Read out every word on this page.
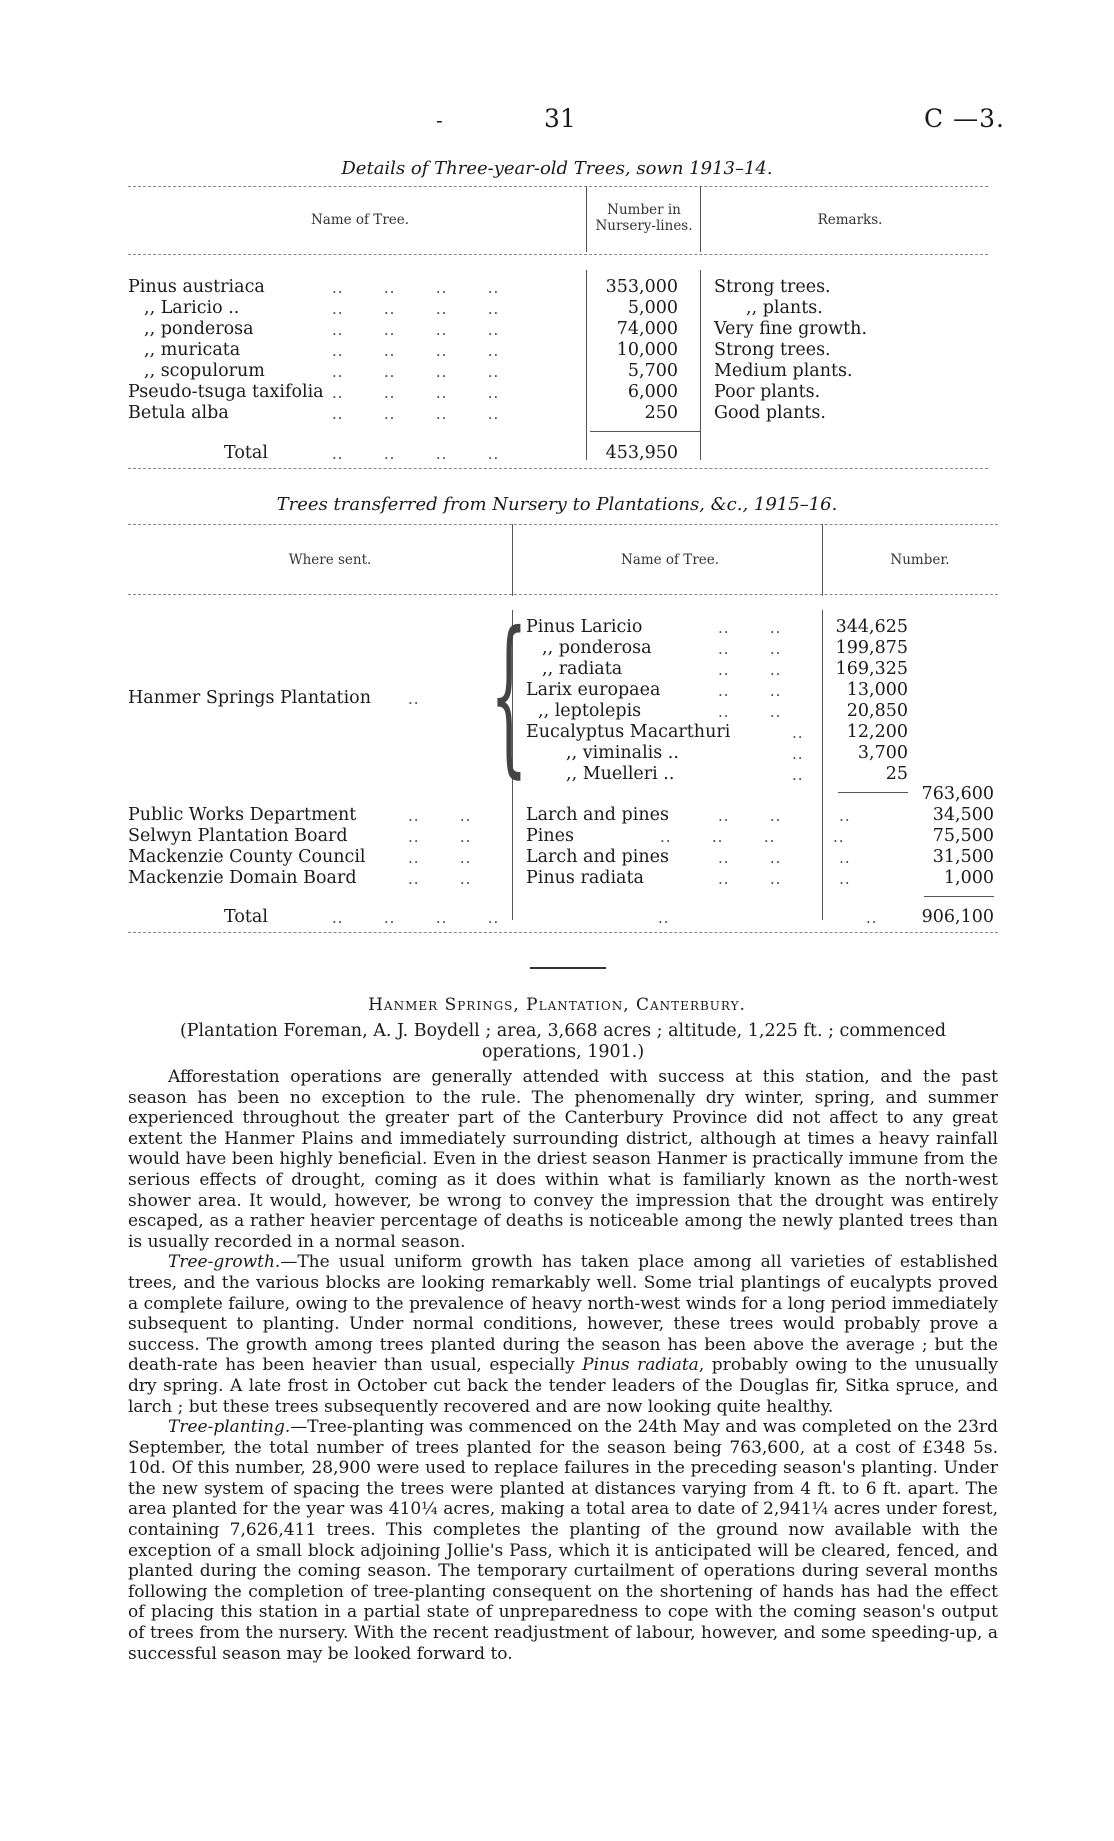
-	31	C —3.
Details of Three-year-old Trees, sown 1913–14.
Name of Tree.
Number in Nursery-lines.	Remarks.
Pinus austriaca	..       ..       ..       ..	353,000 Strong trees.
,, Laricio ..	..       ..       ..       ..	5,000	,, plants.
,, ponderosa	..       ..       ..       ..	74,000 Very fine growth.
,, muricata	..       ..       ..       ..	10,000 Strong trees.
,, scopulorum	..       ..       ..       ..	5,700 Medium plants.
Pseudo-tsuga taxifolia ..       ..       ..       ..	6,000 Poor plants.
Betula alba	..       ..       ..       ..	250 Good plants.
Total	..       ..       ..       ..	453,950
Trees transferred from Nursery to Plantations, &c., 1915–16.
Where sent.	Name of Tree.	Number.
Hanmer Springs Plantation .. {
Pinus Laricio	..       ..	344,625
,, ponderosa	..       ..	199,875
,, radiata	..       ..	169,325
Larix europaea	..       ..	13,000
,, leptolepis	..       ..	20,850
Eucalyptus Macarthuri	..	12,200
,, viminalis ..	..	3,700
,, Muelleri ..	..	25
763,600
Public Works Department	..       ..	Larch and pines	..       ..          ..	34,500
Selwyn Plantation Board	..       ..	Pines	..       ..       ..          ..	75,500
Mackenzie County Council	..       ..	Larch and pines	..       ..          ..	31,500
Mackenzie Domain Board	..       ..	Pinus radiata	..       ..          ..	1,000
Total	..       ..       ..       ..	..	..	906,100
Hanmer Springs, Plantation, Canterbury.
(Plantation Foreman, A. J. Boydell ; area, 3,668 acres ; altitude, 1,225 ft. ; commenced operations, 1901.)

Afforestation operations are generally attended with success at this station, and the past season has been no exception to the rule. The phenomenally dry winter, spring, and summer experienced throughout the greater part of the Canterbury Province did not affect to any great extent the Hanmer Plains and immediately surrounding district, although at times a heavy rainfall would have been highly beneficial. Even in the driest season Hanmer is practically immune from the serious effects of drought, coming as it does within what is familiarly known as the north-west shower area. It would, however, be wrong to convey the impression that the drought was entirely escaped, as a rather heavier percentage of deaths is noticeable among the newly planted trees than is usually recorded in a normal season.

Tree-growth.—The usual uniform growth has taken place among all varieties of established trees, and the various blocks are looking remarkably well. Some trial plantings of eucalypts proved a complete failure, owing to the prevalence of heavy north-west winds for a long period immediately subsequent to planting. Under normal conditions, however, these trees would probably prove a success. The growth among trees planted during the season has been above the average ; but the death-rate has been heavier than usual, especially Pinus radiata, probably owing to the unusually dry spring. A late frost in October cut back the tender leaders of the Douglas fir, Sitka spruce, and larch ; but these trees subsequently recovered and are now looking quite healthy.

Tree-planting.—Tree-planting was commenced on the 24th May and was completed on the 23rd September, the total number of trees planted for the season being 763,600, at a cost of £348 5s. 10d. Of this number, 28,900 were used to replace failures in the preceding season's planting. Under the new system of spacing the trees were planted at distances varying from 4 ft. to 6 ft. apart. The area planted for the year was 410¼ acres, making a total area to date of 2,941¼ acres under forest, containing 7,626,411 trees. This completes the planting of the ground now available with the exception of a small block adjoining Jollie's Pass, which it is anticipated will be cleared, fenced, and planted during the coming season. The temporary curtailment of operations during several months following the completion of tree-planting consequent on the shortening of hands has had the effect of placing this station in a partial state of unpreparedness to cope with the coming season's output of trees from the nursery. With the recent readjustment of labour, however, and some speeding-up, a successful season may be looked forward to.
